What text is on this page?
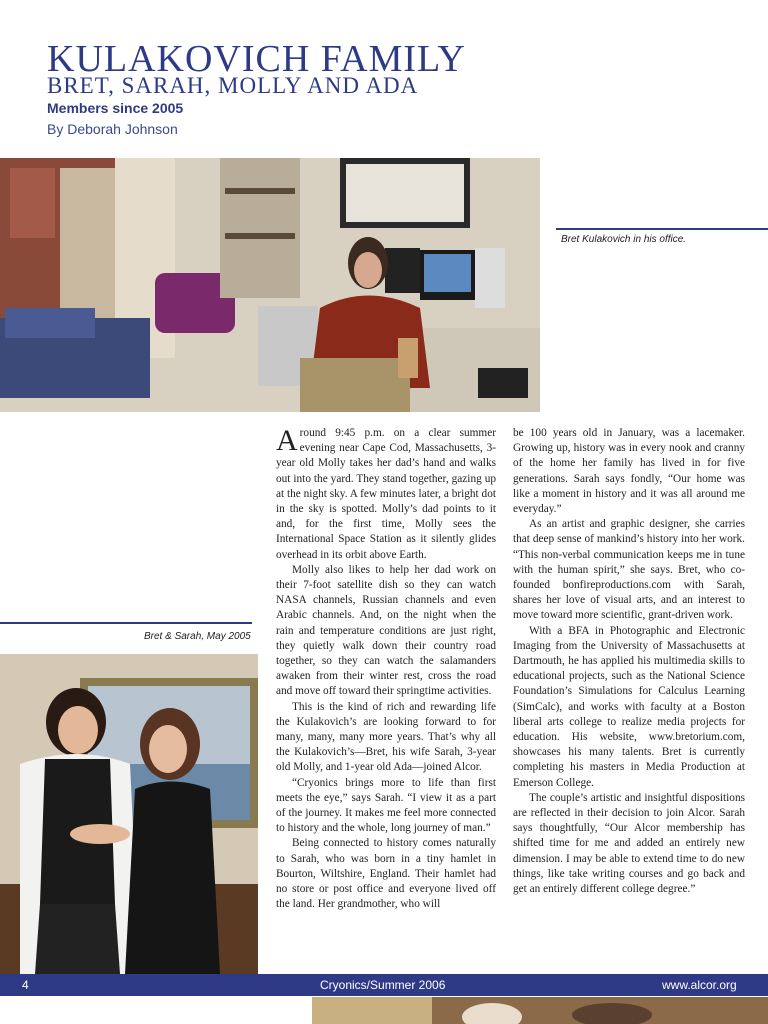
KULAKOVICH FAMILY
BRET, SARAH, MOLLY AND ADA
Members since 2005
By Deborah Johnson
Bret Kulakovich in his office.
Bret & Sarah, May 2005

Around 9:45 p.m. on a clear summer evening near Cape Cod, Massachusetts, 3-year old Molly takes her dad’s hand and walks out into the yard. They stand together, gazing up at the night sky. A few minutes later, a bright dot in the sky is spotted. Molly’s dad points to it and, for the first time, Molly sees the International Space Station as it silently glides overhead in its orbit above Earth.

Molly also likes to help her dad work on their 7-foot satellite dish so they can watch NASA channels, Russian channels and even Arabic channels. And, on the night when the rain and temperature conditions are just right, they quietly walk down their country road together, so they can watch the salamanders awaken from their winter rest, cross the road and move off toward their springtime activities.

This is the kind of rich and rewarding life the Kulakovich’s are looking forward to for many, many, many more years. That’s why all the Kulakovich’s—Bret, his wife Sarah, 3-year old Molly, and 1-year old Ada—joined Alcor.

“Cryonics brings more to life than first meets the eye,” says Sarah. “I view it as a part of the journey. It makes me feel more connected to history and the whole, long journey of man.”

Being connected to history comes naturally to Sarah, who was born in a tiny hamlet in Bourton, Wiltshire, England. Their hamlet had no store or post office and everyone lived off the land. Her grandmother, who will

be 100 years old in January, was a lacemaker. Growing up, history was in every nook and cranny of the home her family has lived in for five generations. Sarah says fondly, “Our home was like a moment in history and it was all around me everyday.”

As an artist and graphic designer, she carries that deep sense of mankind’s history into her work. “This non-verbal communication keeps me in tune with the human spirit,” she says. Bret, who co-founded bonfireproductions.com with Sarah, shares her love of visual arts, and an interest to move toward more scientific, grant-driven work.

With a BFA in Photographic and Electronic Imaging from the University of Massachusetts at Dartmouth, he has applied his multimedia skills to educational projects, such as the National Science Foundation’s Simulations for Calculus Learning (SimCalc), and works with faculty at a Boston liberal arts college to realize media projects for education. His website, www.bretorium.com, showcases his many talents. Bret is currently completing his masters in Media Production at Emerson College.

The couple’s artistic and insightful dispositions are reflected in their decision to join Alcor. Sarah says thoughtfully, “Our Alcor membership has shifted time for me and added an entirely new dimension. I may be able to extend time to do new things, like take writing courses and go back and get an entirely different college degree.”

4	Cryonics/Summer 2006	www.alcor.org
